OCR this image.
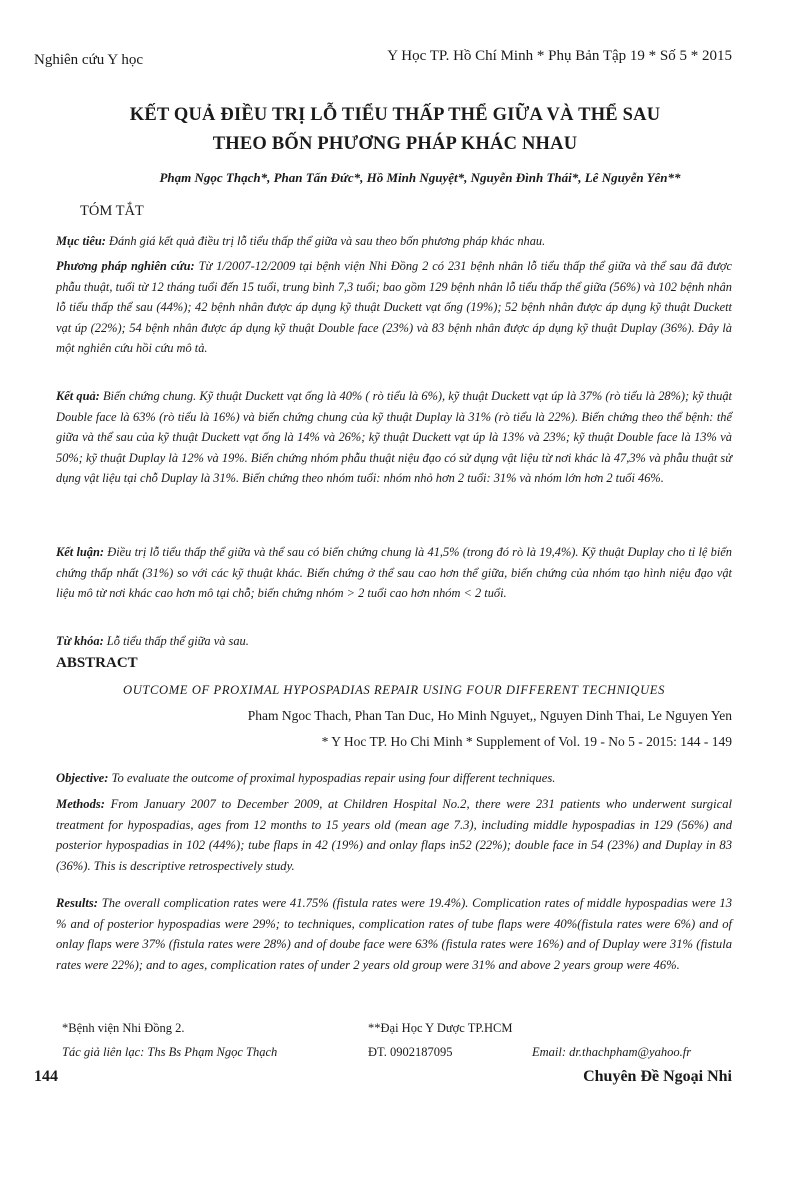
Nghiên cứu Y học	Y Học TP. Hồ Chí Minh * Phụ Bản Tập 19 * Số 5 * 2015
KẾT QUẢ ĐIỀU TRỊ LỖ TIỂU THẤP THỂ GIỮA VÀ THỂ SAU
THEO BỐN PHƯƠNG PHÁP KHÁC NHAU
Phạm Ngọc Thạch*, Phan Tấn Đức*, Hồ Minh Nguyệt*, Nguyễn Đình Thái*, Lê Nguyễn Yên**
TÓM TẮT
Mục tiêu: Đánh giá kết quả điều trị lỗ tiểu thấp thể giữa và sau theo bốn phương pháp khác nhau.
Phương pháp nghiên cứu: Từ 1/2007-12/2009 tại bệnh viện Nhi Đồng 2 có 231 bệnh nhân lỗ tiểu thấp thể giữa và thể sau đã được phẫu thuật, tuổi từ 12 tháng tuổi đến 15 tuổi, trung bình 7,3 tuổi; bao gồm 129 bệnh nhân lỗ tiểu thấp thể giữa (56%) và 102 bệnh nhân lỗ tiểu thấp thể sau (44%); 42 bệnh nhân được áp dụng kỹ thuật Duckett vạt ống (19%); 52 bệnh nhân được áp dụng kỹ thuật Duckett vạt úp (22%); 54 bệnh nhân được áp dụng kỹ thuật Double face (23%) và 83 bệnh nhân được áp dụng kỹ thuật Duplay (36%). Đây là một nghiên cứu hồi cứu mô tả.
Kết quả: Biến chứng chung. Kỹ thuật Duckett vạt ống là 40% ( rò tiểu là 6%), kỹ thuật Duckett vạt úp là 37% (rò tiểu là 28%); kỹ thuật Double face là 63% (rò tiểu là 16%) và biến chứng chung của kỹ thuật Duplay là 31% (rò tiểu là 22%). Biến chứng theo thể bệnh: thể giữa và thể sau của kỹ thuật Duckett vạt ống là 14% và 26%; kỹ thuật Duckett vạt úp là 13% và 23%; kỹ thuật Double face là 13% và 50%; kỹ thuật Duplay là 12% và 19%. Biến chứng nhóm phẫu thuật niệu đạo có sử dụng vật liệu từ nơi khác là 47,3% và phẫu thuật sử dụng vật liệu tại chỗ Duplay là 31%. Biến chứng theo nhóm tuổi: nhóm nhỏ hơn 2 tuổi: 31% và nhóm lớn hơn 2 tuổi 46%.
Kết luận: Điều trị lỗ tiểu thấp thể giữa và thể sau có biến chứng chung là 41,5% (trong đó rò là 19,4%). Kỹ thuật Duplay cho tỉ lệ biến chứng thấp nhất (31%) so với các kỹ thuật khác. Biến chứng ở thể sau cao hơn thể giữa, biến chứng của nhóm tạo hình niệu đạo vật liệu mô từ nơi khác cao hơn mô tại chỗ; biến chứng nhóm > 2 tuổi cao hơn nhóm < 2 tuổi.
Từ khóa: Lỗ tiểu thấp thể giữa và sau.
ABSTRACT
OUTCOME OF PROXIMAL HYPOSPADIAS REPAIR USING FOUR DIFFERENT TECHNIQUES
Pham Ngoc Thach, Phan Tan Duc, Ho Minh Nguyet,, Nguyen Dinh Thai, Le Nguyen Yen
* Y Hoc TP. Ho Chi Minh * Supplement of Vol. 19 - No 5 - 2015: 144 - 149
Objective: To evaluate the outcome of proximal hypospadias repair using four different techniques.
Methods: From January 2007 to December 2009, at Children Hospital No.2, there were 231 patients who underwent surgical treatment for hypospadias, ages from 12 months to 15 years old (mean age 7.3), including middle hypospadias in 129 (56%) and posterior hypospadias in 102 (44%); tube flaps in 42 (19%) and onlay flaps in52 (22%); double face in 54 (23%) and Duplay in 83 (36%). This is descriptive retrospectively study.
Results: The overall complication rates were 41.75% (fistula rates were 19.4%). Complication rates of middle hypospadias were 13 % and of posterior hypospadias were 29%; to techniques, complication rates of tube flaps were 40%(fistula rates were 6%) and of onlay flaps were 37% (fistula rates were 28%) and of doube face were 63% (fistula rates were 16%) and of Duplay were 31% (fistula rates were 22%); and to ages, complication rates of under 2 years old group were 31% and above 2 years group were 46%.
*Bệnh viện Nhi Đồng 2.	**Đại Học Y Dược TP.HCM
Tác giả liên lạc: Ths Bs Phạm Ngọc Thạch	ĐT. 0902187095	Email: dr.thachpham@yahoo.fr
144	Chuyên Đề Ngoại Nhi
